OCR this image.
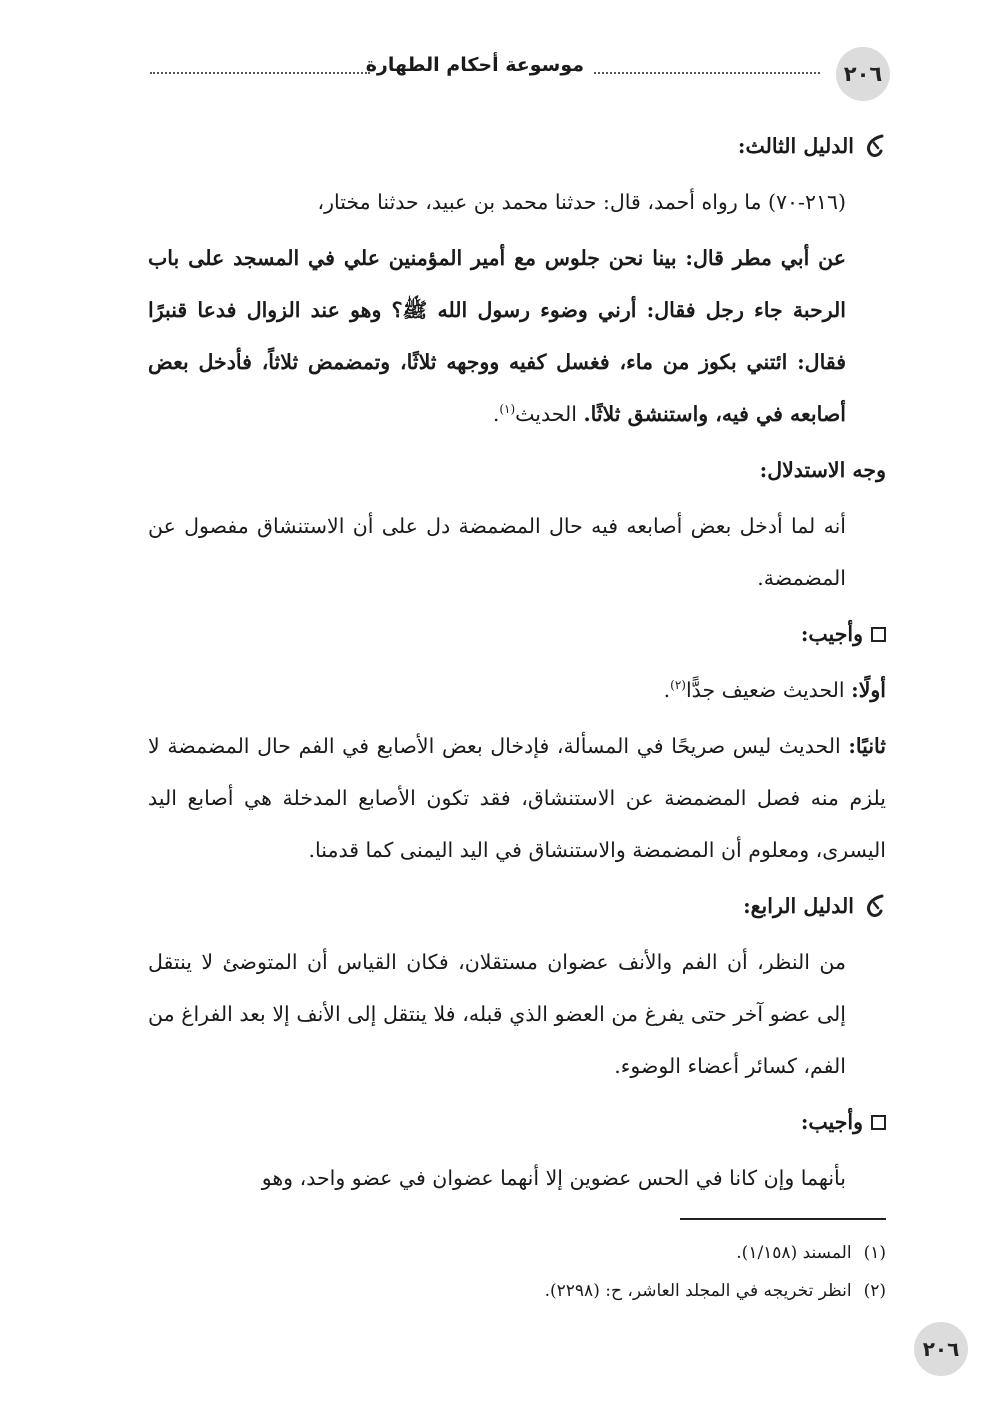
٢٠٦
موسوعة أحكام الطهارة

الدليل الثالث:

(٢١٦-٧٠) ما رواه أحمد، قال: حدثنا محمد بن عبيد، حدثنا مختار،

عن أبي مطر قال: بينا نحن جلوس مع أمير المؤمنين علي في المسجد على باب الرحبة جاء رجل فقال: أرني وضوء رسول الله ﷺ؟ وهو عند الزوال فدعا قنبرًا فقال: ائتني بكوز من ماء، فغسل كفيه ووجهه ثلاثًا، وتمضمض ثلاثاً، فأدخل بعض أصابعه في فيه، واستنشق ثلاثًا. الحديث$^{(١)}$.

وجه الاستدلال:

أنه لما أدخل بعض أصابعه فيه حال المضمضة دل على أن الاستنشاق مفصول عن المضمضة.

وأجيب:

أولًا: الحديث ضعيف جدًّا$^{(٢)}$.

ثانيًا: الحديث ليس صريحًا في المسألة، فإدخال بعض الأصابع في الفم حال المضمضة لا يلزم منه فصل المضمضة عن الاستنشاق، فقد تكون الأصابع المدخلة هي أصابع اليد اليسرى، ومعلوم أن المضمضة والاستنشاق في اليد اليمنى كما قدمنا.

الدليل الرابع:

من النظر، أن الفم والأنف عضوان مستقلان، فكان القياس أن المتوضئ لا ينتقل إلى عضو آخر حتى يفرغ من العضو الذي قبله، فلا ينتقل إلى الأنف إلا بعد الفراغ من الفم، كسائر أعضاء الوضوء.

وأجيب:

بأنهما وإن كانا في الحس عضوين إلا أنهما عضوان في عضو واحد، وهو

(١)
المسند (١/١٥٨).
(٢)
انظر تخريجه في المجلد العاشر، ح: (٢٢٩٨).
٢٠٦
